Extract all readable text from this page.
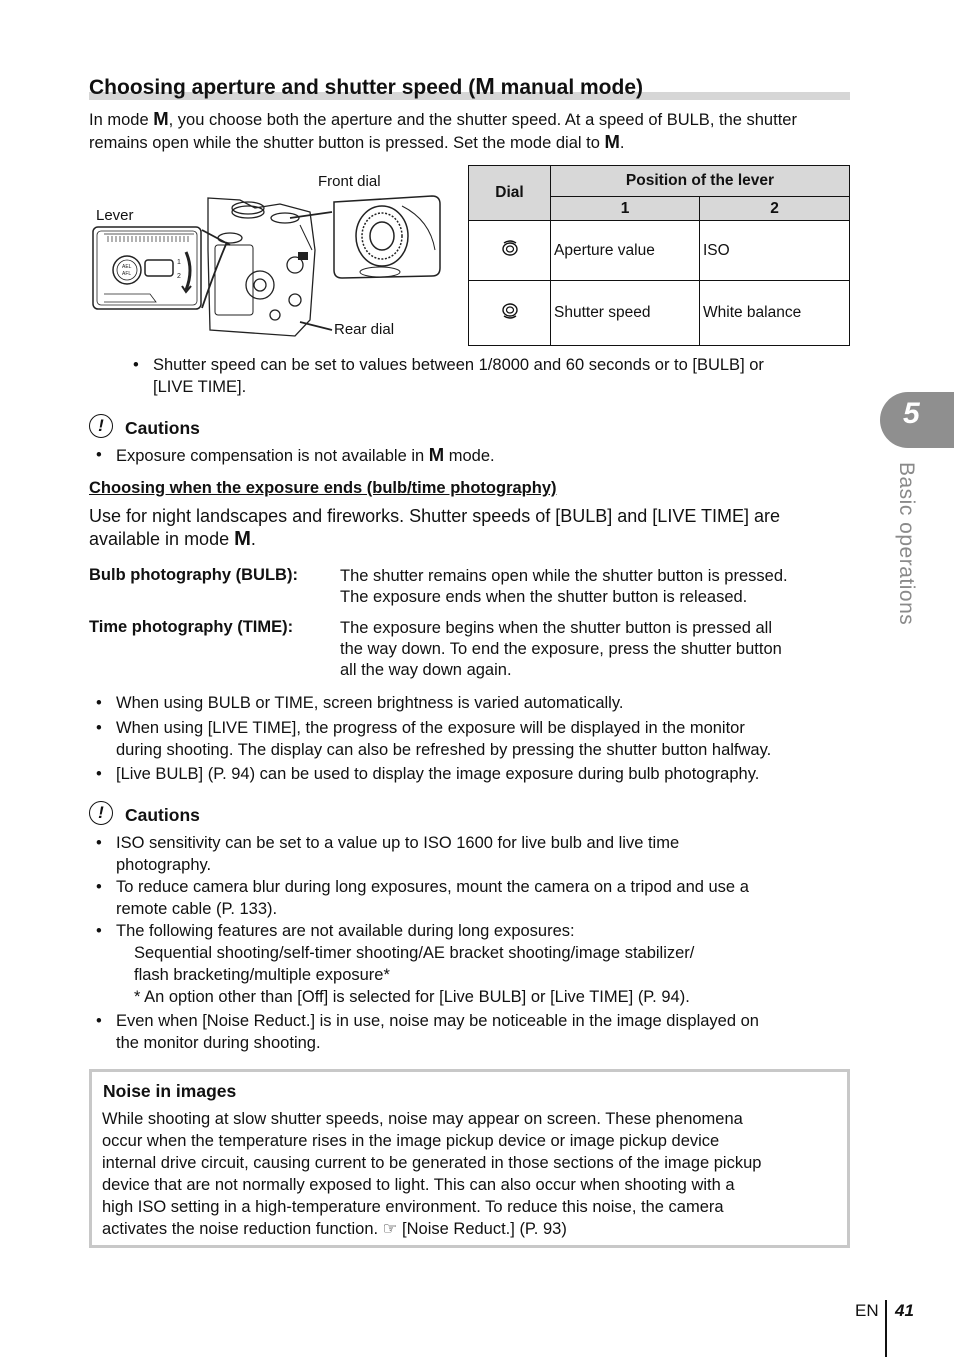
Choosing aperture and shutter speed (M manual mode)
In mode M, you choose both the aperture and the shutter speed. At a speed of BULB, the shutter remains open while the shutter button is pressed. Set the mode dial to M.
Lever
Front dial
Rear dial
AEL
AFL
1
2
Dial	Position of the lever	
	1	2
	Aperture value	ISO
	Shutter speed	White balance
• Shutter speed can be set to values between 1/8000 and 60 seconds or to [BULB] or
[LIVE TIME].
!	Cautions
• Exposure compensation is not available in M mode.
Choosing when the exposure ends (bulb/time photography)
Use for night landscapes and fireworks. Shutter speeds of [BULB] and [LIVE TIME] are
available in mode M.
Bulb photography (BULB):	The shutter remains open while the shutter button is pressed.
The exposure ends when the shutter button is released.
Time photography (TIME):	The exposure begins when the shutter button is pressed all
the way down. To end the exposure, press the shutter button
all the way down again.
• When using BULB or TIME, screen brightness is varied automatically.
• When using [LIVE TIME], the progress of the exposure will be displayed in the monitor
during shooting. The display can also be refreshed by pressing the shutter button halfway.
• [Live BULB] (P. 94) can be used to display the image exposure during bulb photography.
!	Cautions
• ISO sensitivity can be set to a value up to ISO 1600 for live bulb and live time
photography.
• To reduce camera blur during long exposures, mount the camera on a tripod and use a
remote cable (P. 133).
• The following features are not available during long exposures:
Sequential shooting/self-timer shooting/AE bracket shooting/image stabilizer/
flash bracketing/multiple exposure*
* An option other than [Off] is selected for [Live BULB] or [Live TIME] (P. 94).
• Even when [Noise Reduct.] is in use, noise may be noticeable in the image displayed on
the monitor during shooting.
Noise in images
While shooting at slow shutter speeds, noise may appear on screen. These phenomena
occur when the temperature rises in the image pickup device or image pickup device
internal drive circuit, causing current to be generated in those sections of the image pickup
device that are not normally exposed to light. This can also occur when shooting with a
high ISO setting in a high-temperature environment. To reduce this noise, the camera
activates the noise reduction function. ☞ [Noise Reduct.] (P. 93)
5
Basic operations
EN 41
